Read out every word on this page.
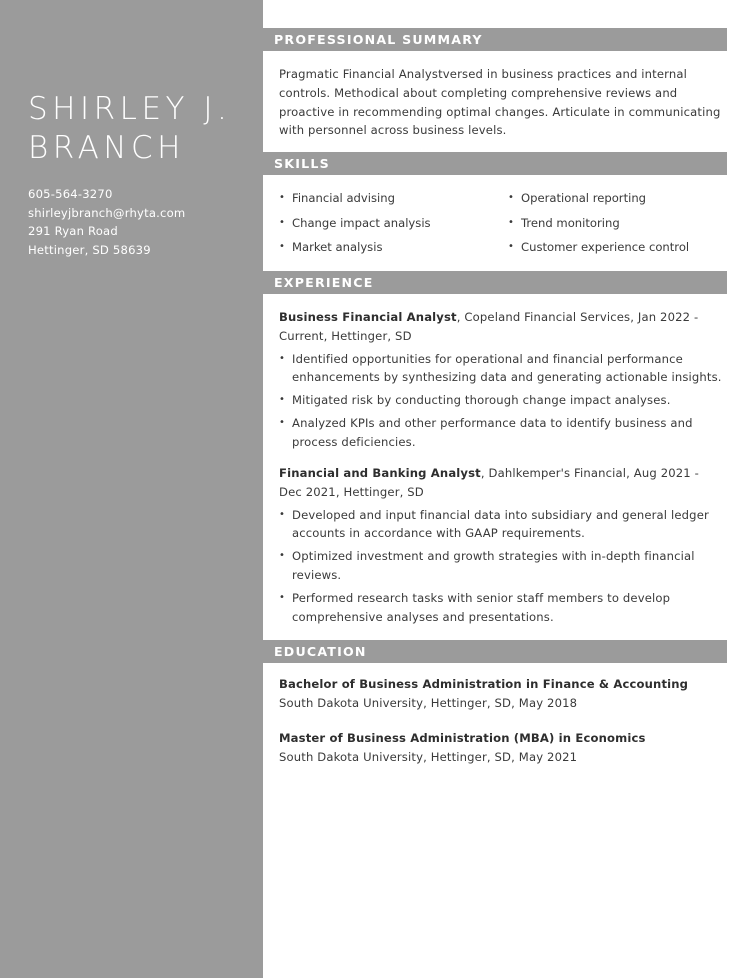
SHIRLEY J.
BRANCH
605-564-3270
shirleyjbranch@rhyta.com
291 Ryan Road
Hettinger, SD 58639
PROFESSIONAL SUMMARY
Pragmatic Financial Analystversed in business practices and internal controls. Methodical about completing comprehensive reviews and proactive in recommending optimal changes. Articulate in communicating with personnel across business levels.
SKILLS
• Financial advising
• Change impact analysis
• Market analysis
• Operational reporting
• Trend monitoring
• Customer experience control
EXPERIENCE
Business Financial Analyst, Copeland Financial Services, Jan 2022 - Current, Hettinger, SD
• Identified opportunities for operational and financial performance enhancements by synthesizing data and generating actionable insights.
• Mitigated risk by conducting thorough change impact analyses.
• Analyzed KPIs and other performance data to identify business and process deficiencies.
Financial and Banking Analyst, Dahlkemper's Financial, Aug 2021 - Dec 2021, Hettinger, SD
• Developed and input financial data into subsidiary and general ledger accounts in accordance with GAAP requirements.
• Optimized investment and growth strategies with in-depth financial reviews.
• Performed research tasks with senior staff members to develop comprehensive analyses and presentations.
EDUCATION
Bachelor of Business Administration in Finance & Accounting
South Dakota University, Hettinger, SD, May 2018
Master of Business Administration (MBA) in Economics
South Dakota University, Hettinger, SD, May 2021
